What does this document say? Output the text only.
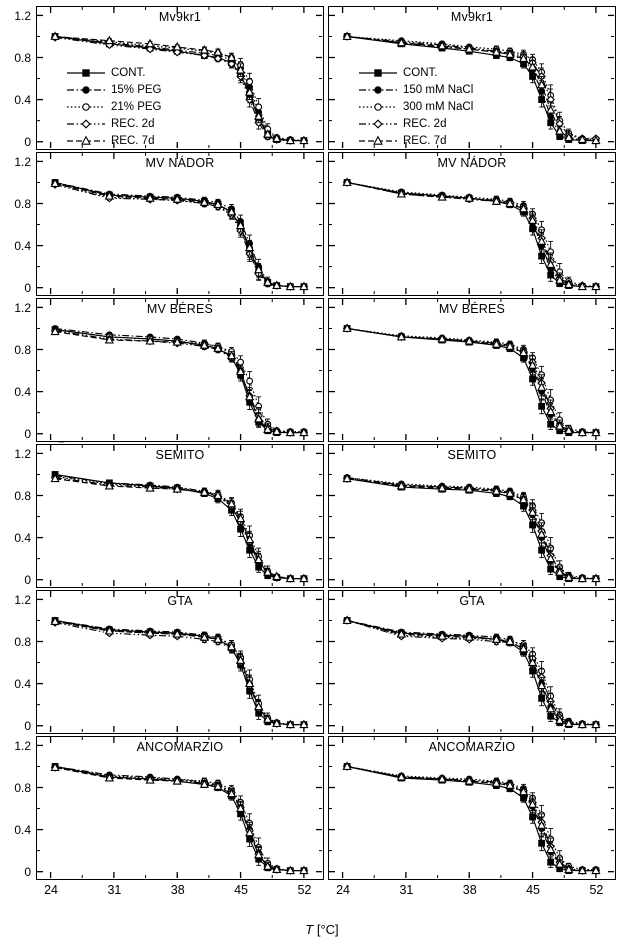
T [°C]
Mv9kr1	Mv9kr1
MV NÁDOR	MV NÁDOR
MV BÉRES	MV BÉRES
SEMITO	SEMITO
GTA	GTA
ANCOMARZIO	ANCOMARZIO
0
0.4
0.8
1.2
0
0.4
0.8
1.2
0
0.4
0.8
1.2
0
0.4
0.8
1.2
0
0.4
0.8
1.2
0
0.4
0.8
1.2
24	31	38	45	52	24	31	38	45	52
CONT.
15% PEG
21% PEG
REC. 2d
REC. 7d
CONT.
150 mM NaCl
300 mM NaCl
REC. 2d
REC. 7d
